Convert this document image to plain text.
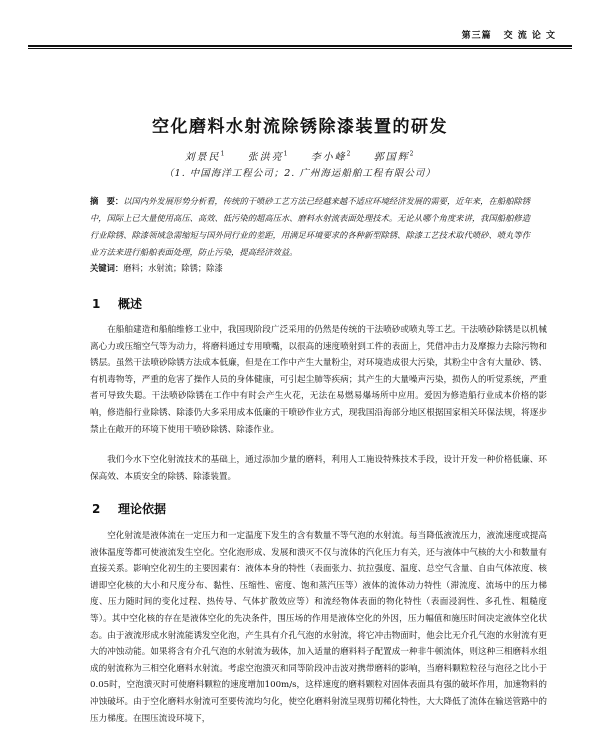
第三篇 交 流 论 文
空化磨料水射流除锈除漆装置的研发
刘景民$^1$ 张洪亮$^1$ 李小峰$^2$ 郭国辉$^2$
（1. 中国海洋工程公司；2. 广州海运船舶工程有限公司）
摘　要：以国内外发展形势分析看，传统的干喷砂工艺方法已经越来越不适应环境经济发展的需要，近年来，在船舶除锈中，国际上已大量使用高压、高效、低污染的超高压水、磨料水射流表面处理技术。无论从哪个角度来讲，我国船舶修造行业除锈、除漆领域急需缩短与国外同行业的差距，用满足环境要求的各种新型除锈、除漆工艺技术取代喷砂、喷丸等作业方法来进行船舶表面处理，防止污染，提高经济效益。
关键词：磨料；水射流；除锈；除漆
1 概述
在船舶建造和船舶维修工业中，我国现阶段广泛采用的仍然是传统的干法喷砂或喷丸等工艺。干法喷砂除锈是以机械离心力或压缩空气等为动力，将磨料通过专用喷嘴，以很高的速度喷射到工件的表面上，凭借冲击力及摩擦力去除污物和锈层。虽然干法喷砂除锈方法成本低廉，但是在工作中产生大量粉尘，对环境造成很大污染，其粉尘中含有大量砂、锈、有机毒物等，严重的危害了操作人员的身体健康，可引起尘肺等疾病；其产生的大量噪声污染，损伤人的听觉系统，严重者可导致失聪。干法喷砂除锈在工作中有时会产生火花，无法在易燃易爆场所中应用。爱因为修造船行业成本价格的影响，修造船行业除锈、除漆仍大多采用成本低廉的干喷砂作业方式，现我国沿海部分地区根据国家相关环保法规，将逐步禁止在敞开的环境下使用干喷砂除锈、除漆作业。
我们今水下空化射流技术的基础上，通过添加少量的磨料，利用人工施设特殊技术手段，设计开发一种价格低廉、环保高效、本质安全的除锈、除漆装置。
2 理论依据
空化射流是液体流在一定压力和一定温度下发生的含有数量不等气泡的水射流。每当降低液流压力，液流速度或提高液体温度等都可使液流发生空化。空化泡形成、发展和溃灭不仅与流体的汽化压力有关，还与液体中气核的大小和数量有直接关系。影响空化初生的主要因素有：液体本身的特性（表面张力、抗拉强度、温度、总空气含量、自由气体浓度、核谱即空化核的大小和尺度分布、黏性、压缩性、密度、饱和蒸汽压等）液体的流体动力特性（滞流度、流场中的压力梯度、压力随时间的变化过程、热传导、气体扩散效应等）和流经物体表面的物化特性（表面浸润性、多孔性、粗糙度等）。其中空化核的存在是液体空化的先决条件，围压场的作用是液体空化的外因，压力幅值和施压时间决定液体空化状态。由于液流形成水射流能诱发空化泡，产生具有介孔气泡的水射流，将它冲击物面时，他会比无介孔气泡的水射流有更大的冲蚀动能。如果将含有介孔气泡的水射流为载体，加入适量的磨料料子配置成一种非牛顿流体，则这种三相磨料水组成的射流称为三相空化磨料水射流。考虑空泡溃灭和同等阶段冲击波对携带磨料的影响，当磨料颗粒粒径与泡径之比小于0.05时，空泡溃灭时可使磨料颗粒的速度增加100m/s，这样速度的磨料颗粒对固体表面具有强的破坏作用，加速物料的冲蚀破坏。由于空化磨料水射流可至要传流均匀化，使空化磨料射流呈现剪切稀化特性，大大降低了流体在输送管路中的压力梯度。在围压流设环境下，
